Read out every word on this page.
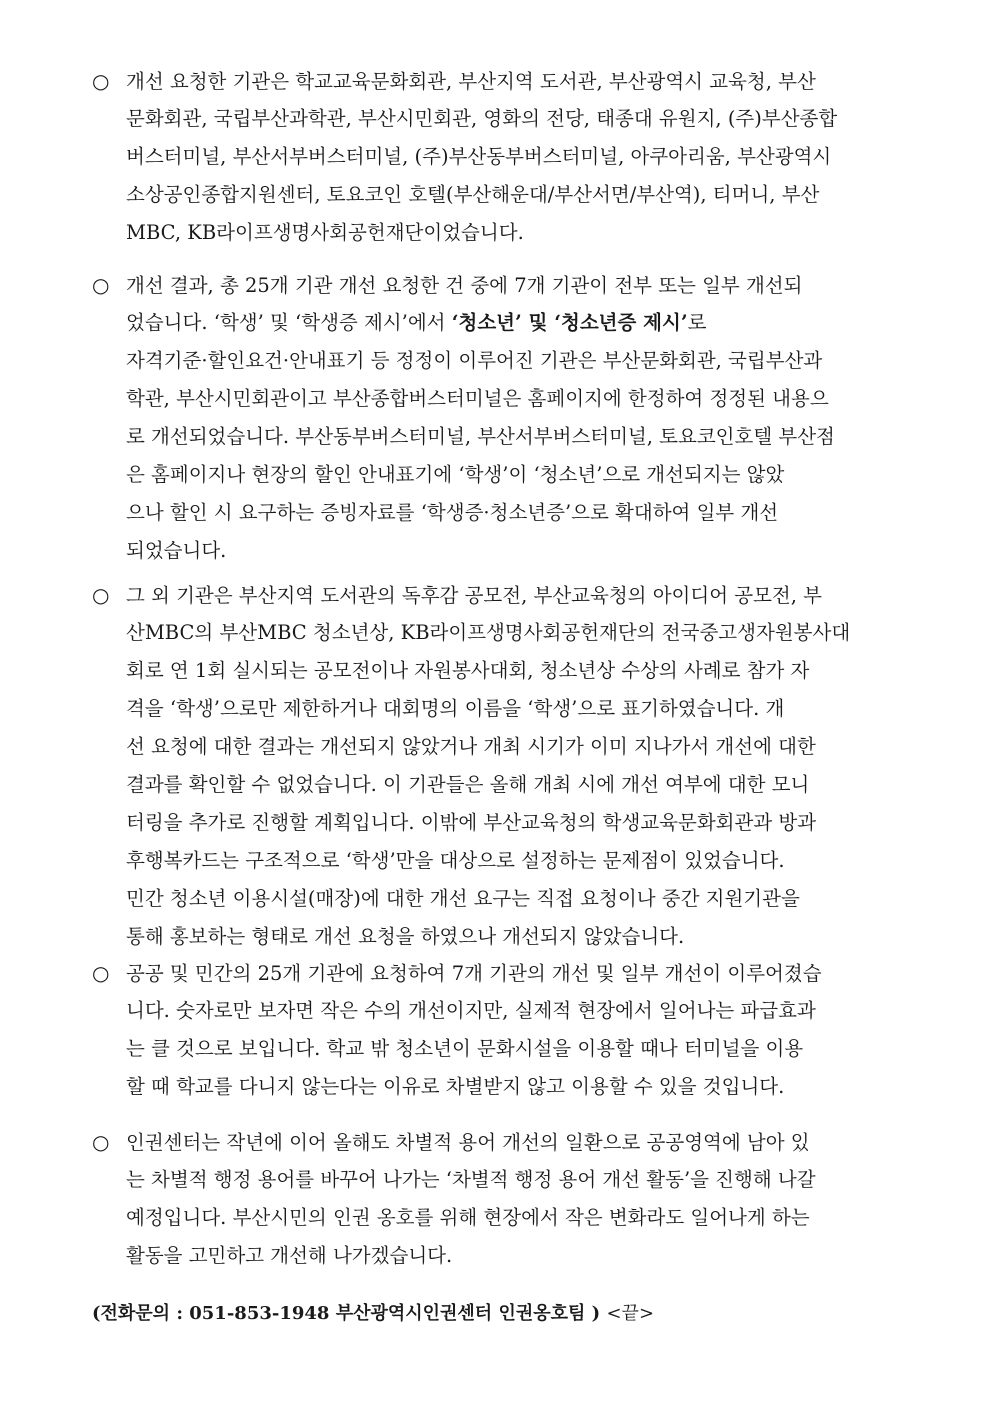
○ 개선 요청한 기관은 학교교육문화회관, 부산지역 도서관, 부산광역시 교육청, 부산
문화회관, 국립부산과학관, 부산시민회관, 영화의 전당, 태종대 유원지, (주)부산종합
버스터미널, 부산서부버스터미널, (주)부산동부버스터미널, 아쿠아리움, 부산광역시
소상공인종합지원센터, 토요코인 호텔(부산해운대/부산서면/부산역), 티머니, 부산
MBC, KB라이프생명사회공헌재단이었습니다.
○ 개선 결과, 총 25개 기관 개선 요청한 건 중에 7개 기관이 전부 또는 일부 개선되
었습니다. ‘학생’ 및 ‘학생증 제시’에서 ‘청소년’ 및 ‘청소년증 제시’로
자격기준·할인요건·안내표기 등 정정이 이루어진 기관은 부산문화회관, 국립부산과
학관, 부산시민회관이고 부산종합버스터미널은 홈페이지에 한정하여 정정된 내용으
로 개선되었습니다. 부산동부버스터미널, 부산서부버스터미널, 토요코인호텔 부산점
은 홈페이지나 현장의 할인 안내표기에 ‘학생’이 ‘청소년’으로 개선되지는 않았
으나 할인 시 요구하는 증빙자료를 ‘학생증·청소년증’으로 확대하여 일부 개선
되었습니다.
○ 그 외 기관은 부산지역 도서관의 독후감 공모전, 부산교육청의 아이디어 공모전, 부
산MBC의 부산MBC 청소년상, KB라이프생명사회공헌재단의 전국중고생자원봉사대
회로 연 1회 실시되는 공모전이나 자원봉사대회, 청소년상 수상의 사례로 참가 자
격을 ‘학생’으로만 제한하거나 대회명의 이름을 ‘학생’으로 표기하였습니다. 개
선 요청에 대한 결과는 개선되지 않았거나 개최 시기가 이미 지나가서 개선에 대한
결과를 확인할 수 없었습니다. 이 기관들은 올해 개최 시에 개선 여부에 대한 모니
터링을 추가로 진행할 계획입니다. 이밖에 부산교육청의 학생교육문화회관과 방과
후행복카드는 구조적으로 ‘학생’만을 대상으로 설정하는 문제점이 있었습니다.
민간 청소년 이용시설(매장)에 대한 개선 요구는 직접 요청이나 중간 지원기관을
통해 홍보하는 형태로 개선 요청을 하였으나 개선되지 않았습니다.
○ 공공 및 민간의 25개 기관에 요청하여 7개 기관의 개선 및 일부 개선이 이루어졌습
니다. 숫자로만 보자면 작은 수의 개선이지만, 실제적 현장에서 일어나는 파급효과
는 클 것으로 보입니다. 학교 밖 청소년이 문화시설을 이용할 때나 터미널을 이용
할 때 학교를 다니지 않는다는 이유로 차별받지 않고 이용할 수 있을 것입니다.
○ 인권센터는 작년에 이어 올해도 차별적 용어 개선의 일환으로 공공영역에 남아 있
는 차별적 행정 용어를 바꾸어 나가는 ‘차별적 행정 용어 개선 활동’을 진행해 나갈
예정입니다. 부산시민의 인권 옹호를 위해 현장에서 작은 변화라도 일어나게 하는
활동을 고민하고 개선해 나가겠습니다.
(전화문의 : 051-853-1948 부산광역시인권센터 인권옹호팀 ) <끝>
